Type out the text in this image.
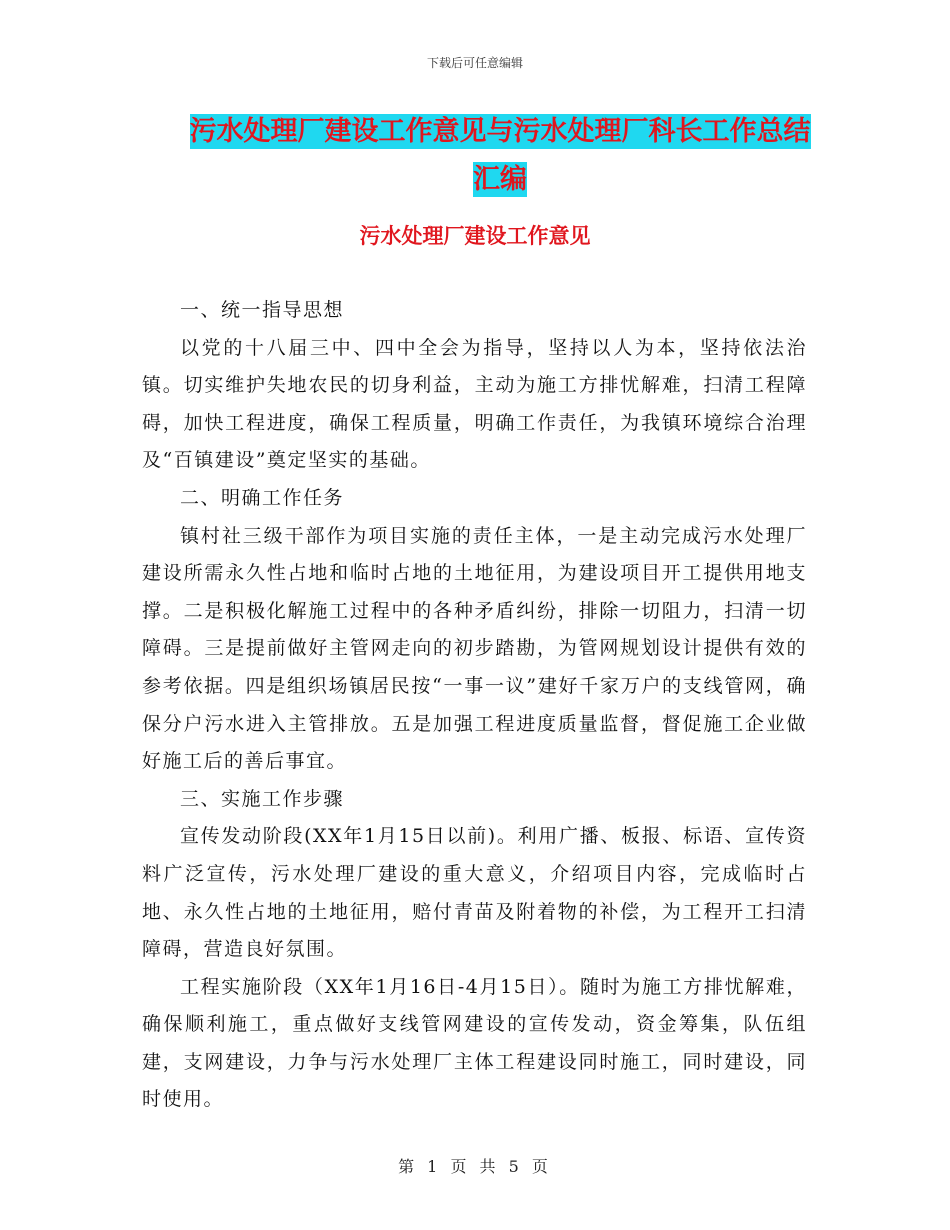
下载后可任意编辑
污水处理厂建设工作意见与污水处理厂科长工作总结
汇编
污水处理厂建设工作意见

一、统一指导思想

以党的十八届三中、四中全会为指导，坚持以人为本，坚持依法治镇。切实维护失地农民的切身利益，主动为施工方排忧解难，扫清工程障碍，加快工程进度，确保工程质量，明确工作责任，为我镇环境综合治理及“百镇建设”奠定坚实的基础。

二、明确工作任务

镇村社三级干部作为项目实施的责任主体，一是主动完成污水处理厂建设所需永久性占地和临时占地的土地征用，为建设项目开工提供用地支撑。二是积极化解施工过程中的各种矛盾纠纷，排除一切阻力，扫清一切障碍。三是提前做好主管网走向的初步踏勘，为管网规划设计提供有效的参考依据。四是组织场镇居民按“一事一议”建好千家万户的支线管网，确保分户污水进入主管排放。五是加强工程进度质量监督，督促施工企业做好施工后的善后事宜。

三、实施工作步骤

宣传发动阶段(XX年1月15日以前)。利用广播、板报、标语、宣传资料广泛宣传，污水处理厂建设的重大意义，介绍项目内容，完成临时占地、永久性占地的土地征用，赔付青苗及附着物的补偿，为工程开工扫清障碍，营造良好氛围。

工程实施阶段（XX年1月16日-4月15日）。随时为施工方排忧解难，确保顺利施工，重点做好支线管网建设的宣传发动，资金筹集，队伍组建，支网建设，力争与污水处理厂主体工程建设同时施工，同时建设，同时使用。

第 1 页 共 5 页
